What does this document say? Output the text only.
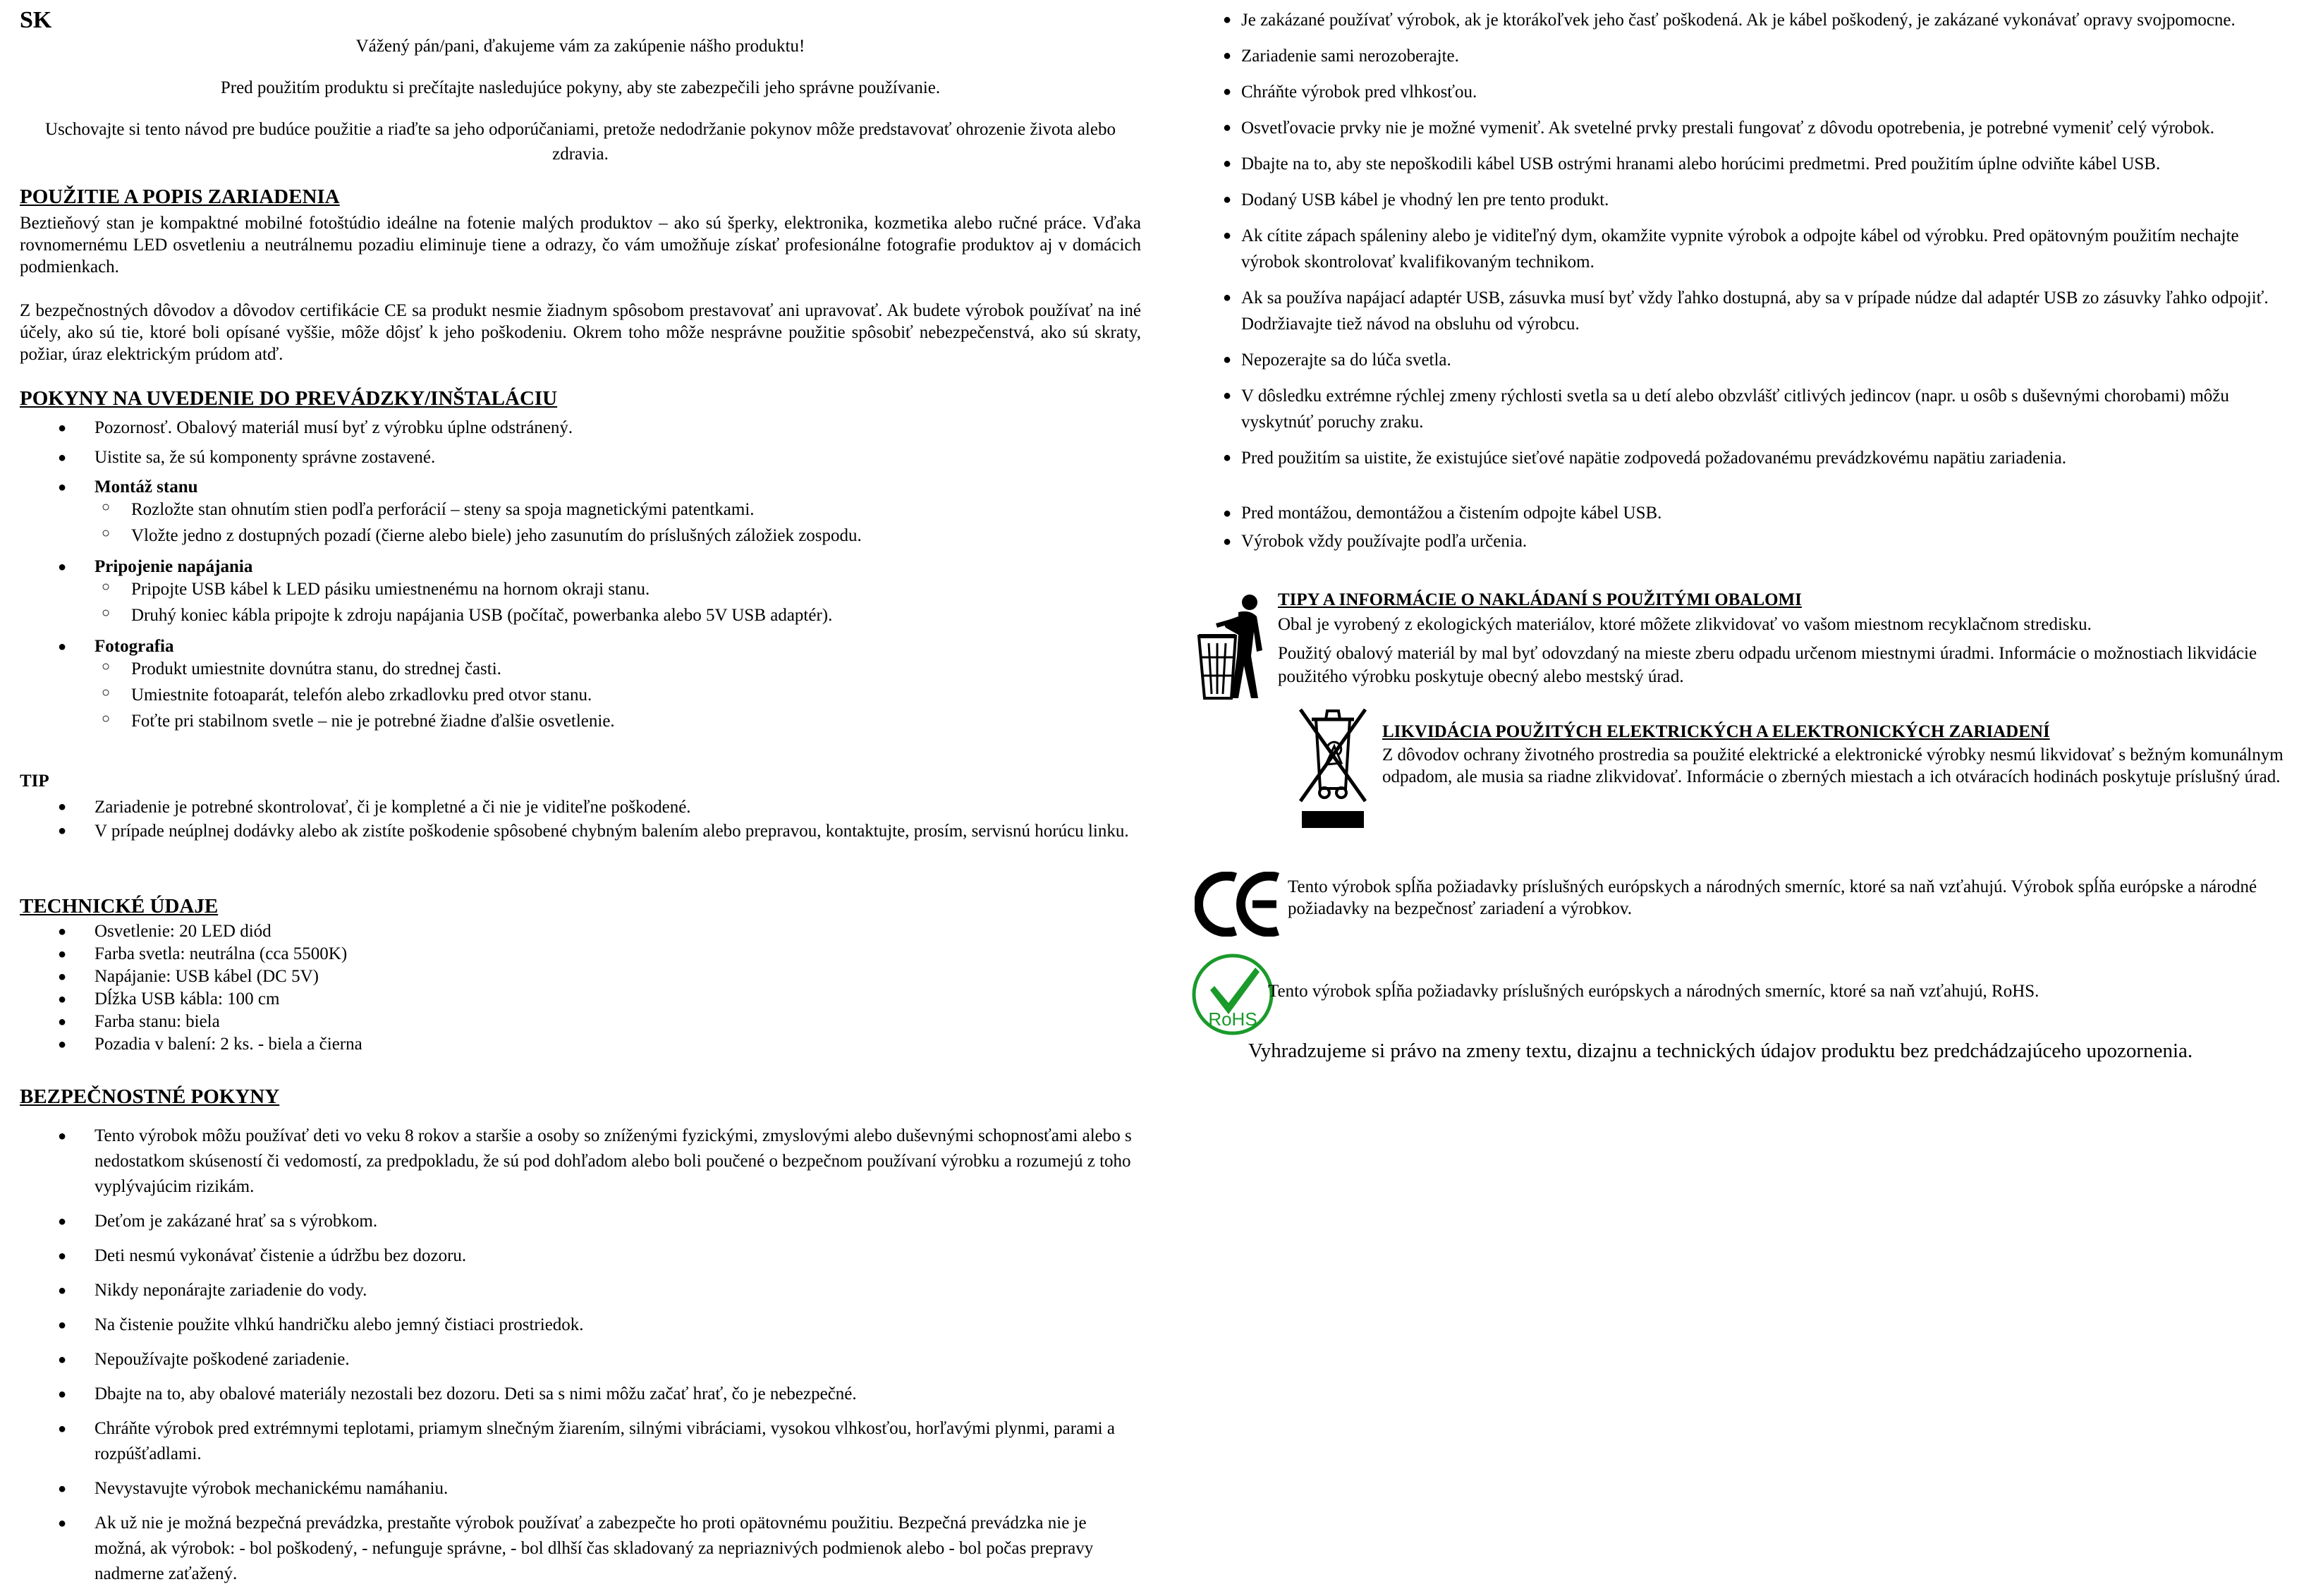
SK

Vážený pán/pani, ďakujeme vám za zakúpenie nášho produktu!

Pred použitím produktu si prečítajte nasledujúce pokyny, aby ste zabezpečili jeho správne používanie.

Uschovajte si tento návod pre budúce použitie a riaďte sa jeho odporúčaniami, pretože nedodržanie pokynov môže predstavovať ohrozenie života alebo zdravia.

POUŽITIE A POPIS ZARIADENIA

Beztieňový stan je kompaktné mobilné fotoštúdio ideálne na fotenie malých produktov – ako sú šperky, elektronika, kozmetika alebo ručné práce. Vďaka rovnomernému LED osvetleniu a neutrálnemu pozadiu eliminuje tiene a odrazy, čo vám umožňuje získať profesionálne fotografie produktov aj v domácich podmienkach.

Z bezpečnostných dôvodov a dôvodov certifikácie CE sa produkt nesmie žiadnym spôsobom prestavovať ani upravovať. Ak budete výrobok používať na iné účely, ako sú tie, ktoré boli opísané vyššie, môže dôjsť k jeho poškodeniu. Okrem toho môže nesprávne použitie spôsobiť nebezpečenstvá, ako sú skraty, požiar, úraz elektrickým prúdom atď.

POKYNY NA UVEDENIE DO PREVÁDZKY/INŠTALÁCIU
● Pozornosť. Obalový materiál musí byť z výrobku úplne odstránený.
● Uistite sa, že sú komponenty správne zostavené.
● Montáž stanu
○ Rozložte stan ohnutím stien podľa perforácií – steny sa spoja magnetickými patentkami.
○ Vložte jedno z dostupných pozadí (čierne alebo biele) jeho zasunutím do príslušných záložiek zospodu.
● Pripojenie napájania
○ Pripojte USB kábel k LED pásiku umiestnenému na hornom okraji stanu.
○ Druhý koniec kábla pripojte k zdroju napájania USB (počítač, powerbanka alebo 5V USB adaptér).
● Fotografia
○ Produkt umiestnite dovnútra stanu, do strednej časti.
○ Umiestnite fotoaparát, telefón alebo zrkadlovku pred otvor stanu.
○ Foťte pri stabilnom svetle – nie je potrebné žiadne ďalšie osvetlenie.
TIP
● Zariadenie je potrebné skontrolovať, či je kompletné a či nie je viditeľne poškodené.
● V prípade neúplnej dodávky alebo ak zistíte poškodenie spôsobené chybným balením alebo prepravou, kontaktujte, prosím, servisnú horúcu linku.
TECHNICKÉ ÚDAJE
● Osvetlenie: 20 LED diód
● Farba svetla: neutrálna (cca 5500K)
● Napájanie: USB kábel (DC 5V)
● Dĺžka USB kábla: 100 cm
● Farba stanu: biela
● Pozadia v balení: 2 ks. - biela a čierna
BEZPEČNOSTNÉ POKYNY
● Tento výrobok môžu používať deti vo veku 8 rokov a staršie a osoby so zníženými fyzickými, zmyslovými alebo duševnými schopnosťami alebo s nedostatkom skúseností či vedomostí, za predpokladu, že sú pod dohľadom alebo boli poučené o bezpečnom používaní výrobku a rozumejú z toho vyplývajúcim rizikám.
● Deťom je zakázané hrať sa s výrobkom.
● Deti nesmú vykonávať čistenie a údržbu bez dozoru.
● Nikdy neponárajte zariadenie do vody.
● Na čistenie použite vlhkú handričku alebo jemný čistiaci prostriedok.
● Nepoužívajte poškodené zariadenie.
● Dbajte na to, aby obalové materiály nezostali bez dozoru. Deti sa s nimi môžu začať hrať, čo je nebezpečné.
● Chráňte výrobok pred extrémnymi teplotami, priamym slnečným žiarením, silnými vibráciami, vysokou vlhkosťou, horľavými plynmi, parami a rozpúšťadlami.
● Nevystavujte výrobok mechanickému namáhaniu.
● Ak už nie je možná bezpečná prevádzka, prestaňte výrobok používať a zabezpečte ho proti opätovnému použitiu. Bezpečná prevádzka nie je možná, ak výrobok: - bol poškodený, - nefunguje správne, - bol dlhší čas skladovaný za nepriaznivých podmienok alebo - bol počas prepravy nadmerne zaťažený.
● Je zakázané používať výrobok, ak je ktorákoľvek jeho časť poškodená. Ak je kábel poškodený, je zakázané vykonávať opravy svojpomocne.
● Zariadenie sami nerozoberajte.
● Chráňte výrobok pred vlhkosťou.
● Osvetľovacie prvky nie je možné vymeniť. Ak svetelné prvky prestali fungovať z dôvodu opotrebenia, je potrebné vymeniť celý výrobok.
● Dbajte na to, aby ste nepoškodili kábel USB ostrými hranami alebo horúcimi predmetmi. Pred použitím úplne odviňte kábel USB.
● Dodaný USB kábel je vhodný len pre tento produkt.
● Ak cítite zápach spáleniny alebo je viditeľný dym, okamžite vypnite výrobok a odpojte kábel od výrobku. Pred opätovným použitím nechajte výrobok skontrolovať kvalifikovaným technikom.
● Ak sa používa napájací adaptér USB, zásuvka musí byť vždy ľahko dostupná, aby sa v prípade núdze dal adaptér USB zo zásuvky ľahko odpojiť. Dodržiavajte tiež návod na obsluhu od výrobcu.
● Nepozerajte sa do lúča svetla.
● V dôsledku extrémne rýchlej zmeny rýchlosti svetla sa u detí alebo obzvlášť citlivých jedincov (napr. u osôb s duševnými chorobami) môžu vyskytnúť poruchy zraku.
● Pred použitím sa uistite, že existujúce sieťové napätie zodpovedá požadovanému prevádzkovému napätiu zariadenia.
● Pred montážou, demontážou a čistením odpojte kábel USB.
● Výrobok vždy používajte podľa určenia.
TIPY A INFORMÁCIE O NAKLÁDANÍ S POUŽITÝMI OBALOMI
Obal je vyrobený z ekologických materiálov, ktoré môžete zlikvidovať vo vašom miestnom recyklačnom stredisku.
Použitý obalový materiál by mal byť odovzdaný na mieste zberu odpadu určenom miestnymi úradmi. Informácie o možnostiach likvidácie použitého výrobku poskytuje obecný alebo mestský úrad.
LIKVIDÁCIA POUŽITÝCH ELEKTRICKÝCH A ELEKTRONICKÝCH ZARIADENÍ
Z dôvodov ochrany životného prostredia sa použité elektrické a elektronické výrobky nesmú likvidovať s bežným komunálnym odpadom, ale musia sa riadne zlikvidovať. Informácie o zberných miestach a ich otváracích hodinách poskytuje príslušný úrad.
Tento výrobok spĺňa požiadavky príslušných európskych a národných smerníc, ktoré sa naň vzťahujú. Výrobok spĺňa európske a národné požiadavky na bezpečnosť zariadení a výrobkov.
RoHS
Tento výrobok spĺňa požiadavky príslušných európskych a národných smerníc, ktoré sa naň vzťahujú, RoHS.
Vyhradzujeme si právo na zmeny textu, dizajnu a technických údajov produktu bez predchádzajúceho upozornenia.
